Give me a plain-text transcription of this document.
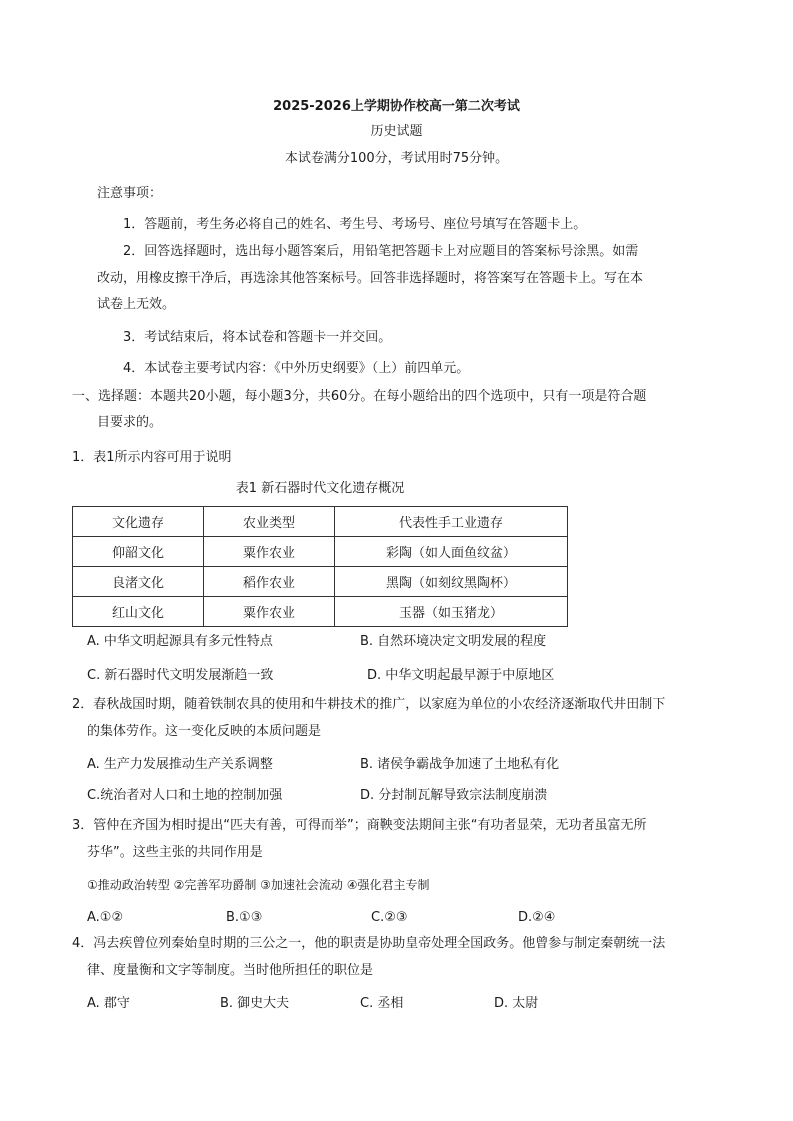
2025-2026上学期协作校高一第二次考试
历史试题
本试卷满分100分，考试用时75分钟。
注意事项：
1．答题前，考生务必将自己的姓名、考生号、考场号、座位号填写在答题卡上。
2．回答选择题时，选出每小题答案后，用铅笔把答题卡上对应题目的答案标号涂黑。如需
改动，用橡皮擦干净后，再选涂其他答案标号。回答非选择题时，将答案写在答题卡上。写在本
试卷上无效。
3．考试结束后，将本试卷和答题卡一并交回。
4．本试卷主要考试内容：《中外历史纲要》（上）前四单元。
一、选择题：本题共20小题，每小题3分，共60分。在每小题给出的四个选项中，只有一项是符合题
目要求的。
1．表1所示内容可用于说明
表1 新石器时代文化遗存概况
文化遗存	农业类型	代表性手工业遗存
仰韶文化	粟作农业	彩陶（如人面鱼纹盆）
良渚文化	稻作农业	黑陶（如刻纹黑陶杯）
红山文化	粟作农业	玉器（如玉猪龙）
A. 中华文明起源具有多元性特点	B. 自然环境决定文明发展的程度
C. 新石器时代文明发展渐趋一致	D. 中华文明起最早源于中原地区
2．春秋战国时期，随着铁制农具的使用和牛耕技术的推广，以家庭为单位的小农经济逐渐取代井田制下
的集体劳作。这一变化反映的本质问题是
A. 生产力发展推动生产关系调整	B. 诸侯争霸战争加速了土地私有化
C.统治者对人口和土地的控制加强	D. 分封制瓦解导致宗法制度崩溃
3．管仲在齐国为相时提出“匹夫有善，可得而举”；商鞅变法期间主张“有功者显荣，无功者虽富无所
芬华”。这些主张的共同作用是
①推动政治转型 ②完善军功爵制 ③加速社会流动 ④强化君主专制
A.①②	B.①③	C.②③	D.②④
4．冯去疾曾位列秦始皇时期的三公之一，他的职责是协助皇帝处理全国政务。他曾参与制定秦朝统一法
律、度量衡和文字等制度。当时他所担任的职位是
A. 郡守	B. 御史大夫	C. 丞相	D. 太尉
